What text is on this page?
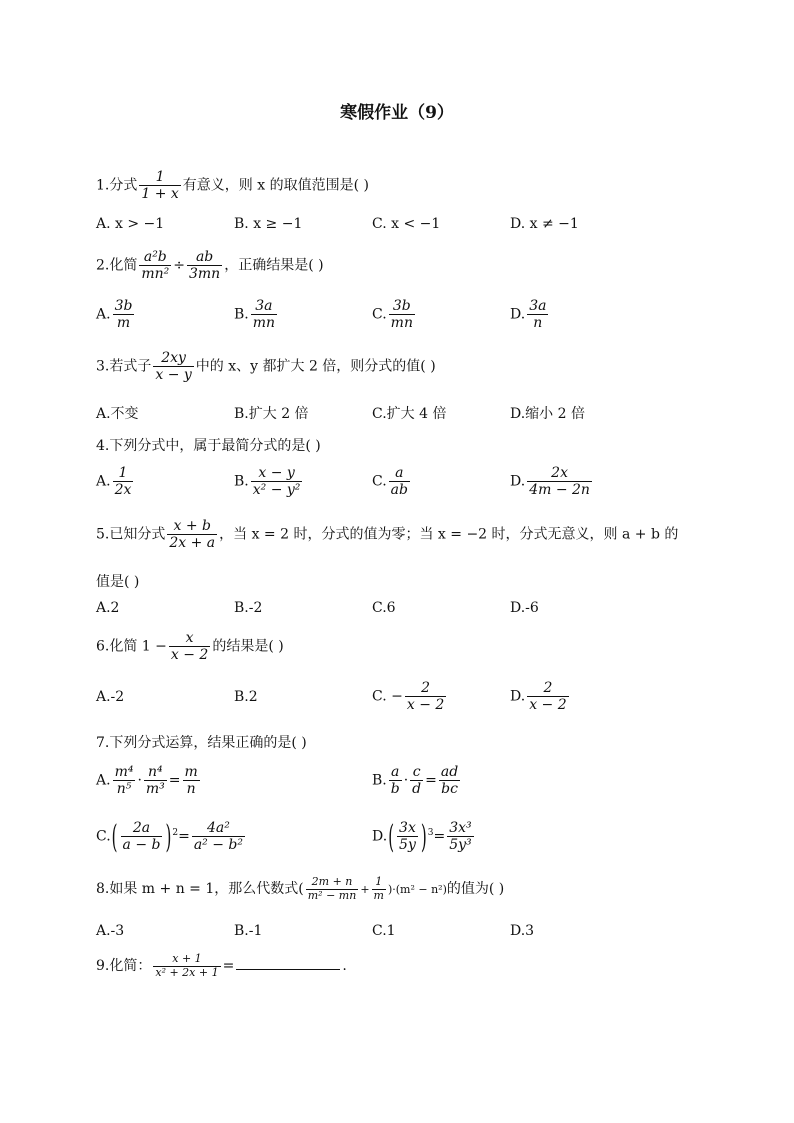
寒假作业（9）
1.分式 $\frac{1}{1 + x}$ 有意义，则 x 的取值范围是( )
A. x > −1	B. x ≥ −1	C. x < −1	D. x ≠ −1
2.化简 $\frac{\text{a²b}}{\text{mn²}} \div \frac{ab}{3mn}$ ，正确结果是( )
A. $\frac{3b}{m}$	B. $\frac{3a}{mn}$	C. $\frac{3b}{mn}$	D. $\frac{3a}{n}$
3.若式子 $\frac{2xy}{x - y}$ 中的 x、y 都扩大 2 倍，则分式的值( )
A.不变	B.扩大 2 倍	C.扩大 4 倍	D.缩小 2 倍
4.下列分式中，属于最简分式的是( )
A. $\frac{1}{2x}$	B. $\frac{x - y}{\text{x² − y²}}$	C. $\frac{a}{ab}$	D. $\frac{2x}{4m - 2n}$
5.已知分式 $\frac{x + b}{2x + a}$ ，当 x = 2 时，分式的值为零；当 x = −2 时，分式无意义，则 a + b 的
值是( )
A.2	B.-2	C.6	D.-6
6.化简 $1 - \frac{x}{x - 2}$ 的结果是( )
A.-2	B.2	C. − $\frac{2}{x - 2}$	D. $\frac{2}{x - 2}$
7.下列分式运算，结果正确的是( )
A. $\frac{\text{m⁴}}{\text{n⁵}} \cdot \frac{\text{n⁴}}{\text{m³}} = \frac{m}{n}$	B. $\frac{a}{b} \cdot \frac{c}{d} = \frac{ad}{bc}$
$C.( \frac{2a}{a - b} )^2= \frac{\text{4a²}}{\text{a² − b²}}$	$D.( \frac{3x}{5y} )^3= \frac{\text{3x³}}{\text{5y³}}$
8.如果 m + n = 1，那么代数式( $\frac{2m + n}{\text{m² − mn}} + \frac{1}{m} )\cdot(m^2 - n^2)$的值为( )
A.-3	B.-1	C.1	D.3
9.化简： $\frac{x + 1}{\text{x² + 2x + 1}}$ =	.
